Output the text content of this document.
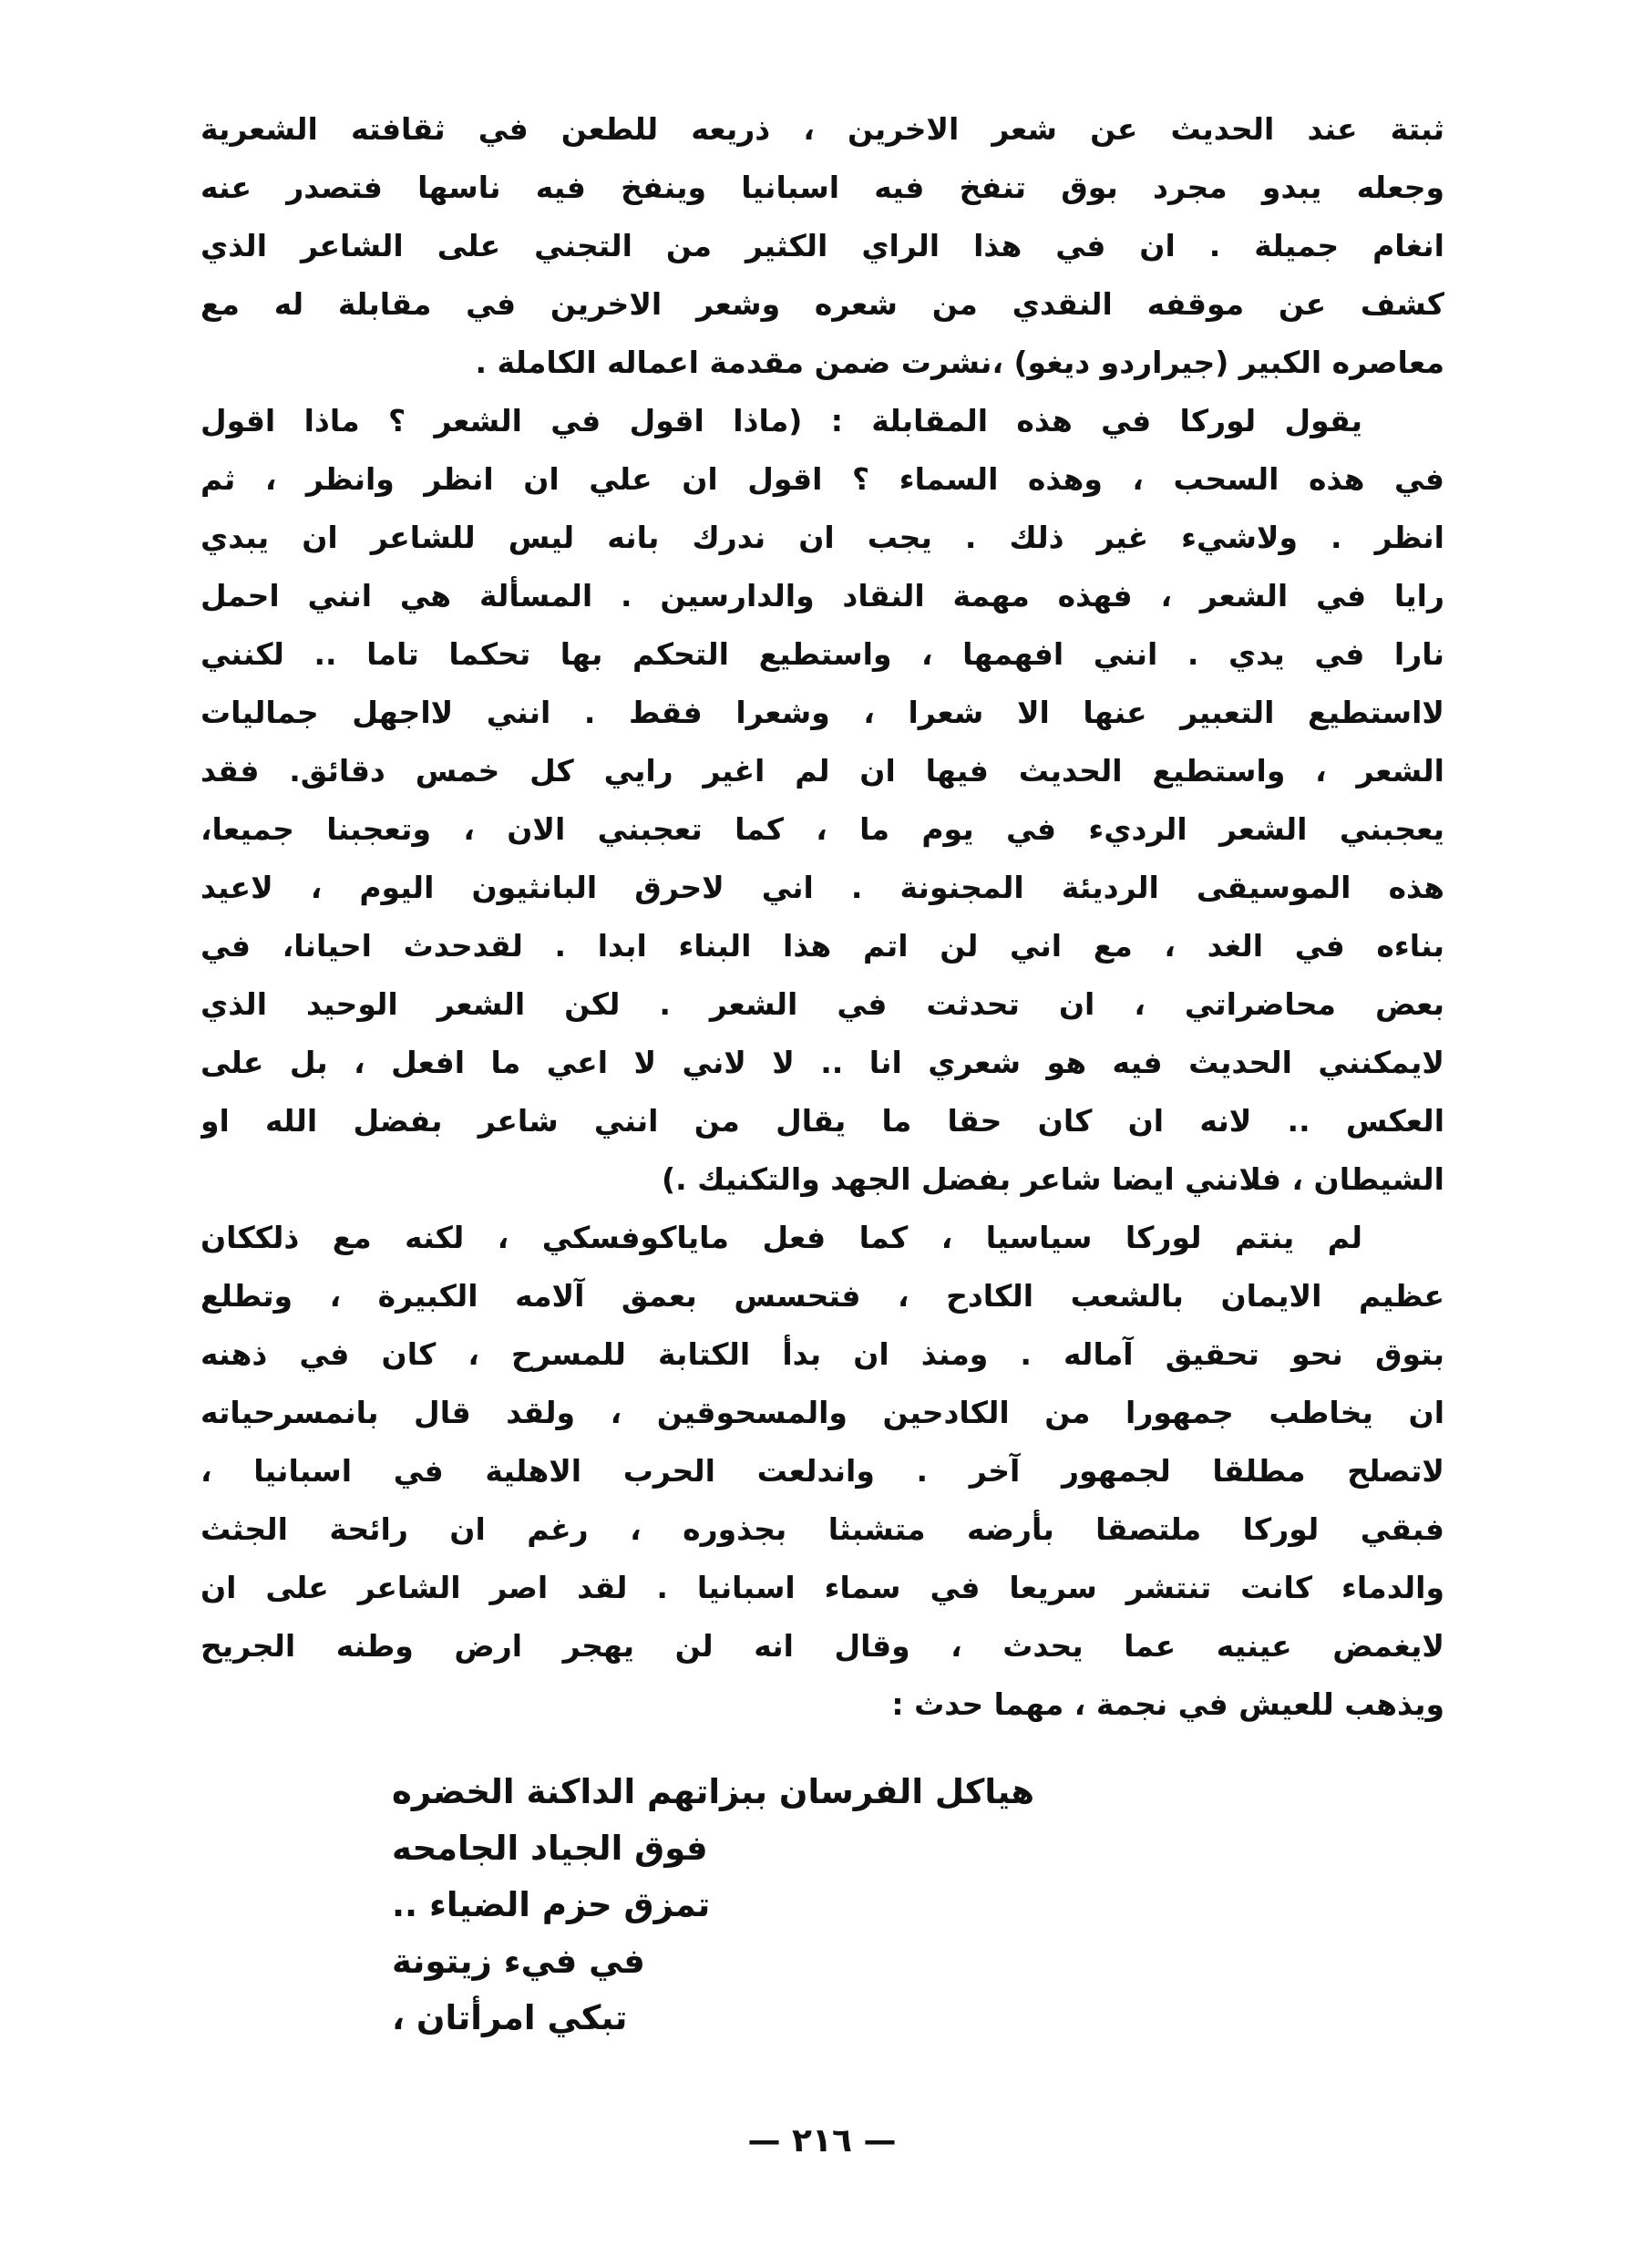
ثبتة عند الحديث عن شعر الاخرين ، ذريعه للطعن في ثقافته الشعرية
وجعله يبدو مجرد بوق تنفخ فيه اسبانيا وينفخ فيه ناسها فتصدر عنه
انغام جميلة . ان في هذا الراي الكثير من التجني على الشاعر الذي
كشف عن موقفه النقدي من شعره وشعر الاخرين في مقابلة له مع
معاصره الكبير (جيراردو ديغو) ،نشرت ضمن مقدمة اعماله الكاملة .
يقول لوركا في هذه المقابلة : (ماذا اقول في الشعر ؟ ماذا اقول
في هذه السحب ، وهذه السماء ؟ اقول ان علي ان انظر وانظر ، ثم
انظر . ولاشيء غير ذلك . يجب ان ندرك بانه ليس للشاعر ان يبدي
رايا في الشعر ، فهذه مهمة النقاد والدارسين . المسألة هي انني احمل
نارا في يدي . انني افهمها ، واستطيع التحكم بها تحكما تاما .. لكنني
لااستطيع التعبير عنها الا شعرا ، وشعرا فقط . انني لااجهل جماليات
الشعر ، واستطيع الحديث فيها ان لم اغير رايي كل خمس دقائق. فقد
يعجبني الشعر الرديء في يوم ما ، كما تعجبني الان ، وتعجبنا جميعا،
هذه الموسيقى الرديئة المجنونة . اني لاحرق البانثيون اليوم ، لاعيد
بناءه في الغد ، مع اني لن اتم هذا البناء ابدا . لقدحدث احيانا، في
بعض محاضراتي ، ان تحدثت في الشعر . لكن الشعر الوحيد الذي
لايمكنني الحديث فيه هو شعري انا .. لا لاني لا اعي ما افعل ، بل على
العكس .. لانه ان كان حقا ما يقال من انني شاعر بفضل الله او
الشيطان ، فلانني ايضا شاعر بفضل الجهد والتكنيك .)
لم ينتم لوركا سياسيا ، كما فعل ماياكوفسكي ، لكنه مع ذلككان
عظيم الايمان بالشعب الكادح ، فتحسس بعمق آلامه الكبيرة ، وتطلع
بتوق نحو تحقيق آماله . ومنذ ان بدأ الكتابة للمسرح ، كان في ذهنه
ان يخاطب جمهورا من الكادحين والمسحوقين ، ولقد قال بانمسرحياته
لاتصلح مطلقا لجمهور آخر . واندلعت الحرب الاهلية في اسبانيا ،
فبقي لوركا ملتصقا بأرضه متشبثا بجذوره ، رغم ان رائحة الجثث
والدماء كانت تنتشر سريعا في سماء اسبانيا . لقد اصر الشاعر على ان
لايغمض عينيه عما يحدث ، وقال انه لن يهجر ارض وطنه الجريح
ويذهب للعيش في نجمة ، مهما حدث :
هياكل الفرسان ببزاتهم الداكنة الخضره
فوق الجياد الجامحه
تمزق حزم الضياء ..
في فيء زيتونة
تبكي امرأتان ،
— ٢١٦ —
